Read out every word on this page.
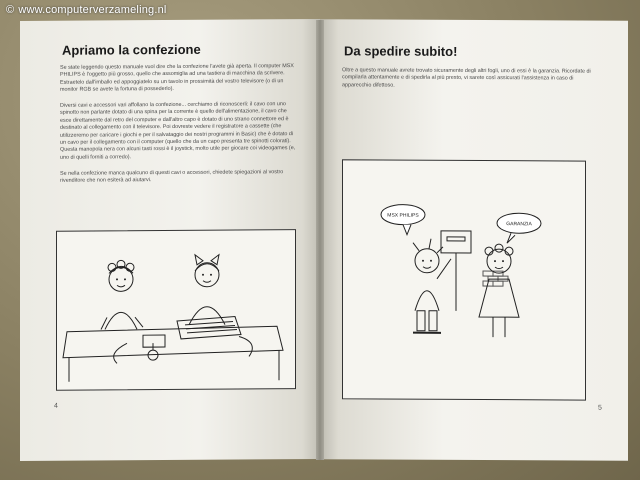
Apriamo la confezione
Se state leggendo questo manuale vuol dire che la confezione l'avete già aperta. Il computer MSX PHILIPS è l'oggetto più grosso, quello che assomiglia ad una tastiera di macchina da scrivere. Estraetelo dall'imballo ed appoggiatelo su un tavolo in prossimità del vostro televisore (o di un monitor RGB se avete la fortuna di possederlo).
Diversi cavi e accessori vari affollano la confezione... cerchiamo di riconoscerli: il cavo con uno spinotto non parlante dotato di una spina per la corrente è quello dell'alimentazione, il cavo che esce direttamente dal retro del computer e dall'altro capo è dotato di uno strano connettore ed è destinato al collegamento con il televisore. Poi dovreste vedere il registratore a cassette (che utilizzeremo per caricare i giochi e per il salvataggio dei nostri programmi in Basic) che è dotato di un cavo per il collegamento con il computer (quello che da un capo presenta tre spinotti colorati). Questa manopola nera con alcuni tasti rossi è il joystick, molto utile per giocare coi videogames (e, uno di quelli forniti a corredo).
Se nella confezione manca qualcuno di questi cavi o accessori, chiedete spiegazioni al vostro rivenditore che non esiterà ad aiutarvi.
4
Da spedire subito!
Oltre a questo manuale avrete trovato sicuramente degli altri fogli, uno di essi è la garanzia. Ricordate di compilarla attentamente e di spedirla al più presto, vi sarete così assicurati l'assistenza in caso di apparecchio difettoso.
MSX PHILIPS
GARANZIA
5
© www.computerverzameling.nl
